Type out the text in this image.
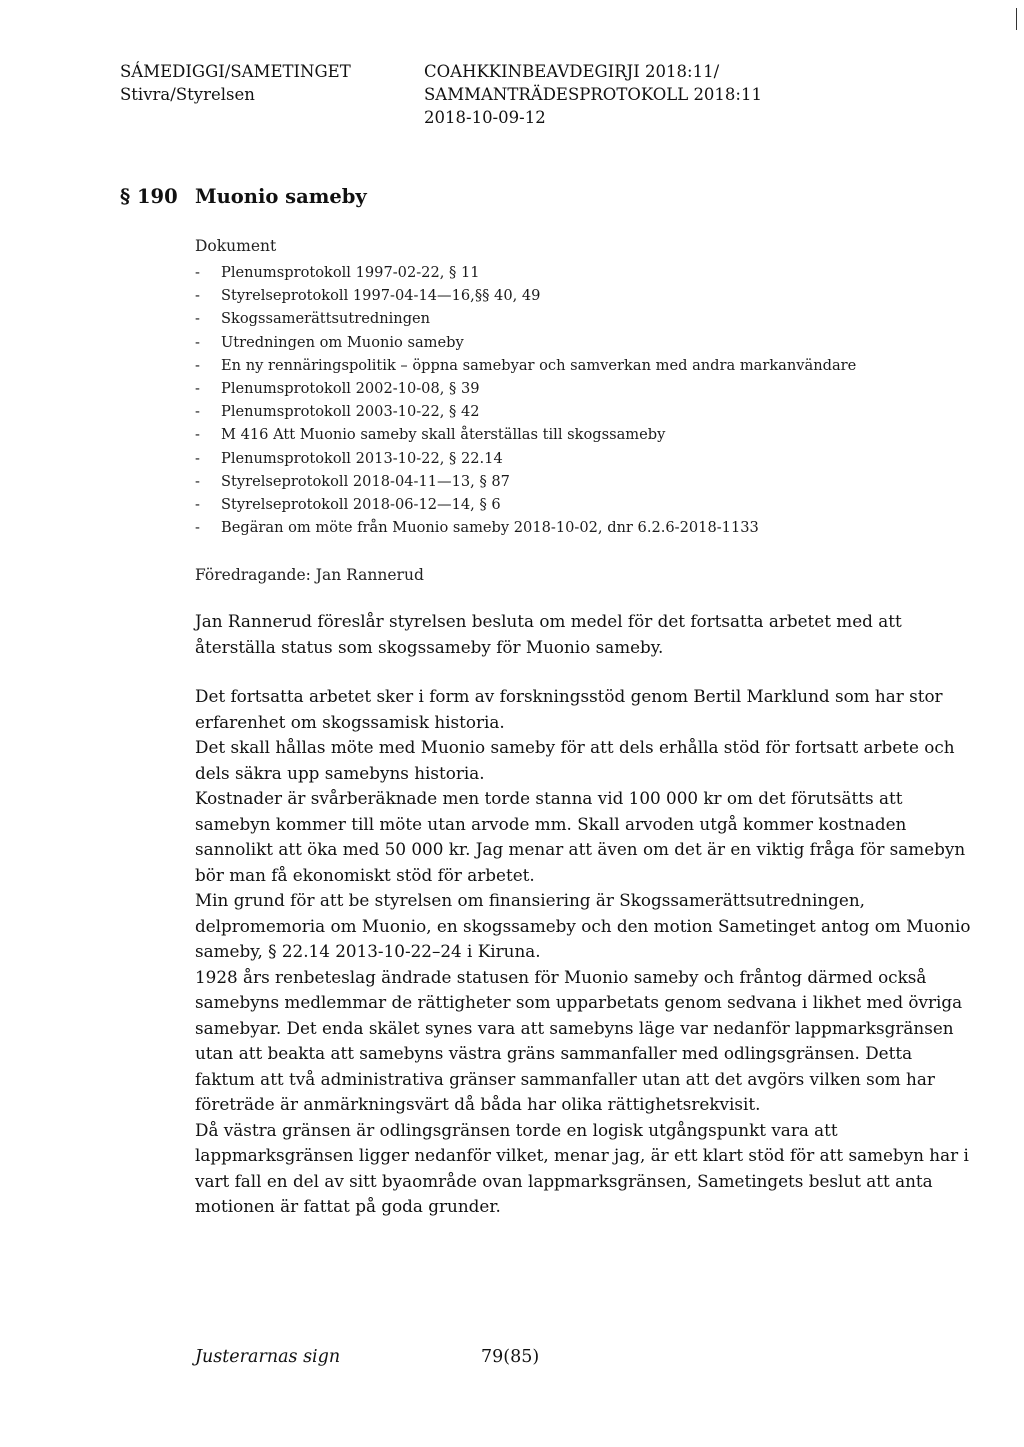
SÁMEDIGGI/SAMETINGET
Stivra/Styrelsen
COAHKKINBEAVDEGIRJI 2018:11/
SAMMANTRÄDESPROTOKOLL 2018:11
2018-10-09-12
§ 190 Muonio sameby
Dokument
- Plenumsprotokoll 1997-02-22, § 11
- Styrelseprotokoll 1997-04-14—16,§§ 40, 49
- Skogssamerättsutredningen
- Utredningen om Muonio sameby
- En ny rennäringspolitik – öppna samebyar och samverkan med andra markanvändare
- Plenumsprotokoll 2002-10-08, § 39
- Plenumsprotokoll 2003-10-22, § 42
- M 416 Att Muonio sameby skall återställas till skogssameby
- Plenumsprotokoll 2013-10-22, § 22.14
- Styrelseprotokoll 2018-04-11—13, § 87
- Styrelseprotokoll 2018-06-12—14, § 6
- Begäran om möte från Muonio sameby 2018-10-02, dnr 6.2.6-2018-1133
Föredragande: Jan Rannerud

Jan Rannerud föreslår styrelsen besluta om medel för det fortsatta arbetet med att återställa status som skogssameby för Muonio sameby.

Det fortsatta arbetet sker i form av forskningsstöd genom Bertil Marklund som har stor erfarenhet om skogssamisk historia.

Det skall hållas möte med Muonio sameby för att dels erhålla stöd för fortsatt arbete och dels säkra upp samebyns historia.

Kostnader är svårberäknade men torde stanna vid 100 000 kr om det förutsätts att samebyn kommer till möte utan arvode mm. Skall arvoden utgå kommer kostnaden sannolikt att öka med 50 000 kr. Jag menar att även om det är en viktig fråga för samebyn bör man få ekonomiskt stöd för arbetet.

Min grund för att be styrelsen om finansiering är Skogssamerättsutredningen, delpromemoria om Muonio, en skogssameby och den motion Sametinget antog om Muonio sameby, § 22.14 2013-10-22–24 i Kiruna.

1928 års renbeteslag ändrade statusen för Muonio sameby och fråntog därmed också samebyns medlemmar de rättigheter som upparbetats genom sedvana i likhet med övriga samebyar. Det enda skälet synes vara att samebyns läge var nedanför lappmarksgränsen utan att beakta att samebyns västra gräns sammanfaller med odlingsgränsen. Detta faktum att två administrativa gränser sammanfaller utan att det avgörs vilken som har företräde är anmärkningsvärt då båda har olika rättighetsrekvisit.

Då västra gränsen är odlingsgränsen torde en logisk utgångspunkt vara att lappmarksgränsen ligger nedanför vilket, menar jag, är ett klart stöd för att samebyn har i vart fall en del av sitt byaområde ovan lappmarksgränsen, Sametingets beslut att anta motionen är fattat på goda grunder.

Justerarnas sign	79(85)
